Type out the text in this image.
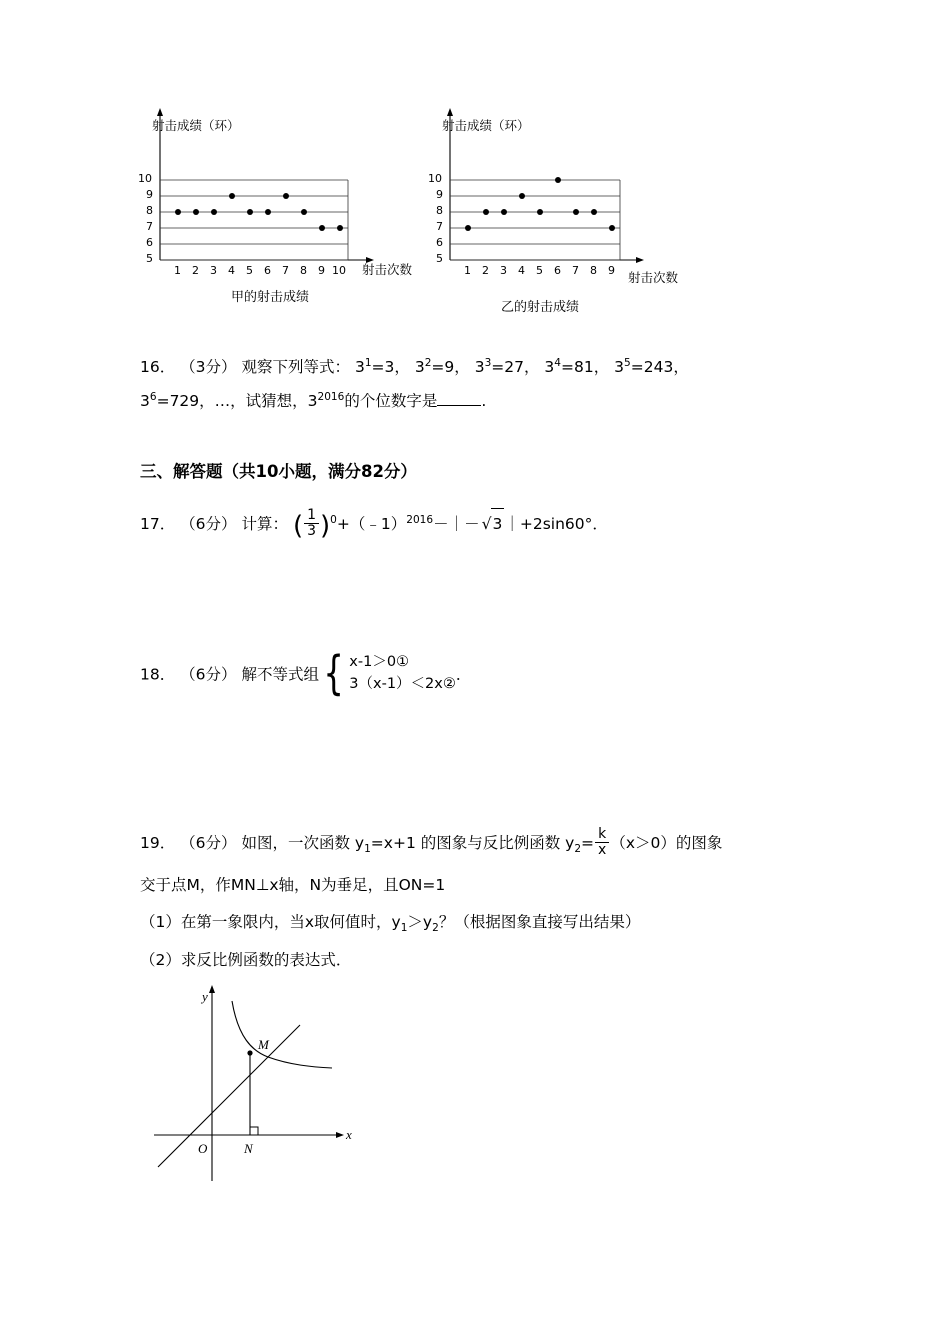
射击成绩（环）
10
9
8
7
6
5
1 2 3 4 5 6 7 8 9 10 射击次数
甲的射击成绩
射击成绩（环）
10
9
8
7
6
5
1 2 3 4 5 6 7 8 9 射击次数
乙的射击成绩
16． （3分） 观察下列等式： $3^1=3$， $3^2=9$， $3^3=27$， $3^4=81$， $3^5=243$，
$3^6=729$，…，试猜想，$3^{2016}$的个位数字是	.
三、解答题（共10小题，满分82分）
17． （6分） 计算： ( $\frac{1}{3}$ )$^0$+（﹣1）$^{2016}$－｜－ √3 ｜+2sin60°．
18． （6分） 解不等式组 { x-1＞0①
3（x-1）＜2x②
．
19． （6分） 如图，一次函数 $y_1=x+1$ 的图象与反比例函数 $y_2= \frac{k}{x} (x>0)$的图象
交于点M，作MN⊥x轴，N为垂足，且ON=1
（1）在第一象限内，当x取何值时，$y_1>y_2$？（根据图象直接写出结果）
（2）求反比例函数的表达式．
y
x
O	N
M
